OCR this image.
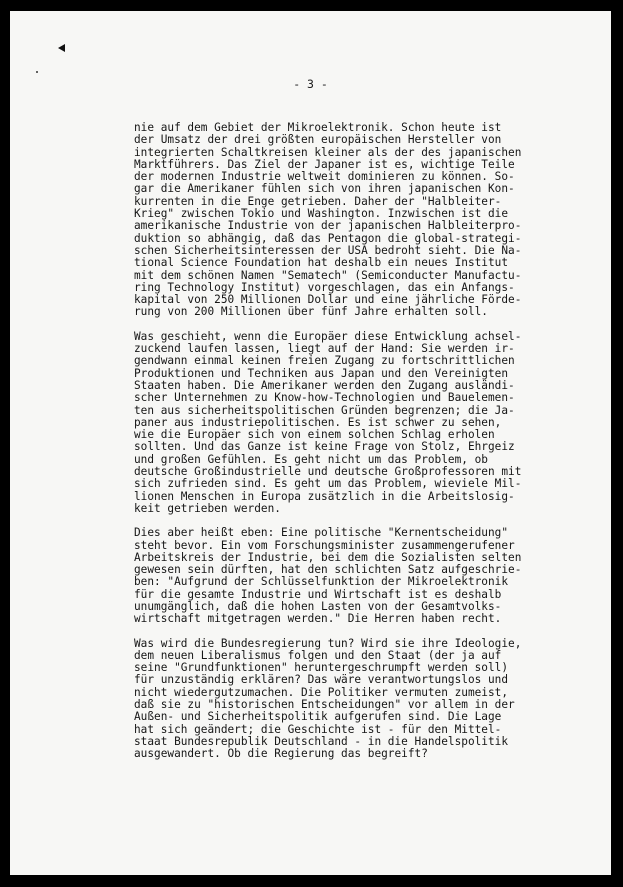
- 3 -
nie auf dem Gebiet der Mikroelektronik. Schon heute ist
der Umsatz der drei größten europäischen Hersteller von
integrierten Schaltkreisen kleiner als der des japanischen
Marktführers. Das Ziel der Japaner ist es, wichtige Teile
der modernen Industrie weltweit dominieren zu können. So-
gar die Amerikaner fühlen sich von ihren japanischen Kon-
kurrenten in die Enge getrieben. Daher der "Halbleiter-
Krieg" zwischen Tokio und Washington. Inzwischen ist die
amerikanische Industrie von der japanischen Halbleiterpro-
duktion so abhängig, daß das Pentagon die global-strategi-
schen Sicherheitsinteressen der USA bedroht sieht. Die Na-
tional Science Foundation hat deshalb ein neues Institut
mit dem schönen Namen "Sematech" (Semiconducter Manufactu-
ring Technology Institut) vorgeschlagen, das ein Anfangs-
kapital von 250 Millionen Dollar und eine jährliche Förde-
rung von 200 Millionen über fünf Jahre erhalten soll.
Was geschieht, wenn die Europäer diese Entwicklung achsel-
zuckend laufen lassen, liegt auf der Hand: Sie werden ir-
gendwann einmal keinen freien Zugang zu fortschrittlichen
Produktionen und Techniken aus Japan und den Vereinigten
Staaten haben. Die Amerikaner werden den Zugang ausländi-
scher Unternehmen zu Know-how-Technologien und Bauelemen-
ten aus sicherheitspolitischen Gründen begrenzen; die Ja-
paner aus industriepolitischen. Es ist schwer zu sehen,
wie die Europäer sich von einem solchen Schlag erholen
sollten. Und das Ganze ist keine Frage von Stolz, Ehrgeiz
und großen Gefühlen. Es geht nicht um das Problem, ob
deutsche Großindustrielle und deutsche Großprofessoren mit
sich zufrieden sind. Es geht um das Problem, wieviele Mil-
lionen Menschen in Europa zusätzlich in die Arbeitslosig-
keit getrieben werden.
Dies aber heißt eben: Eine politische "Kernentscheidung"
steht bevor. Ein vom Forschungsminister zusammengerufener
Arbeitskreis der Industrie, bei dem die Sozialisten selten
gewesen sein dürften, hat den schlichten Satz aufgeschrie-
ben: "Aufgrund der Schlüsselfunktion der Mikroelektronik
für die gesamte Industrie und Wirtschaft ist es deshalb
unumgänglich, daß die hohen Lasten von der Gesamtvolks-
wirtschaft mitgetragen werden." Die Herren haben recht.
Was wird die Bundesregierung tun? Wird sie ihre Ideologie,
dem neuen Liberalismus folgen und den Staat (der ja auf
seine "Grundfunktionen" heruntergeschrumpft werden soll)
für unzuständig erklären? Das wäre verantwortungslos und
nicht wiedergutzumachen. Die Politiker vermuten zumeist,
daß sie zu "historischen Entscheidungen" vor allem in der
Außen- und Sicherheitspolitik aufgerufen sind. Die Lage
hat sich geändert; die Geschichte ist - für den Mittel-
staat Bundesrepublik Deutschland - in die Handelspolitik
ausgewandert. Ob die Regierung das begreift?
